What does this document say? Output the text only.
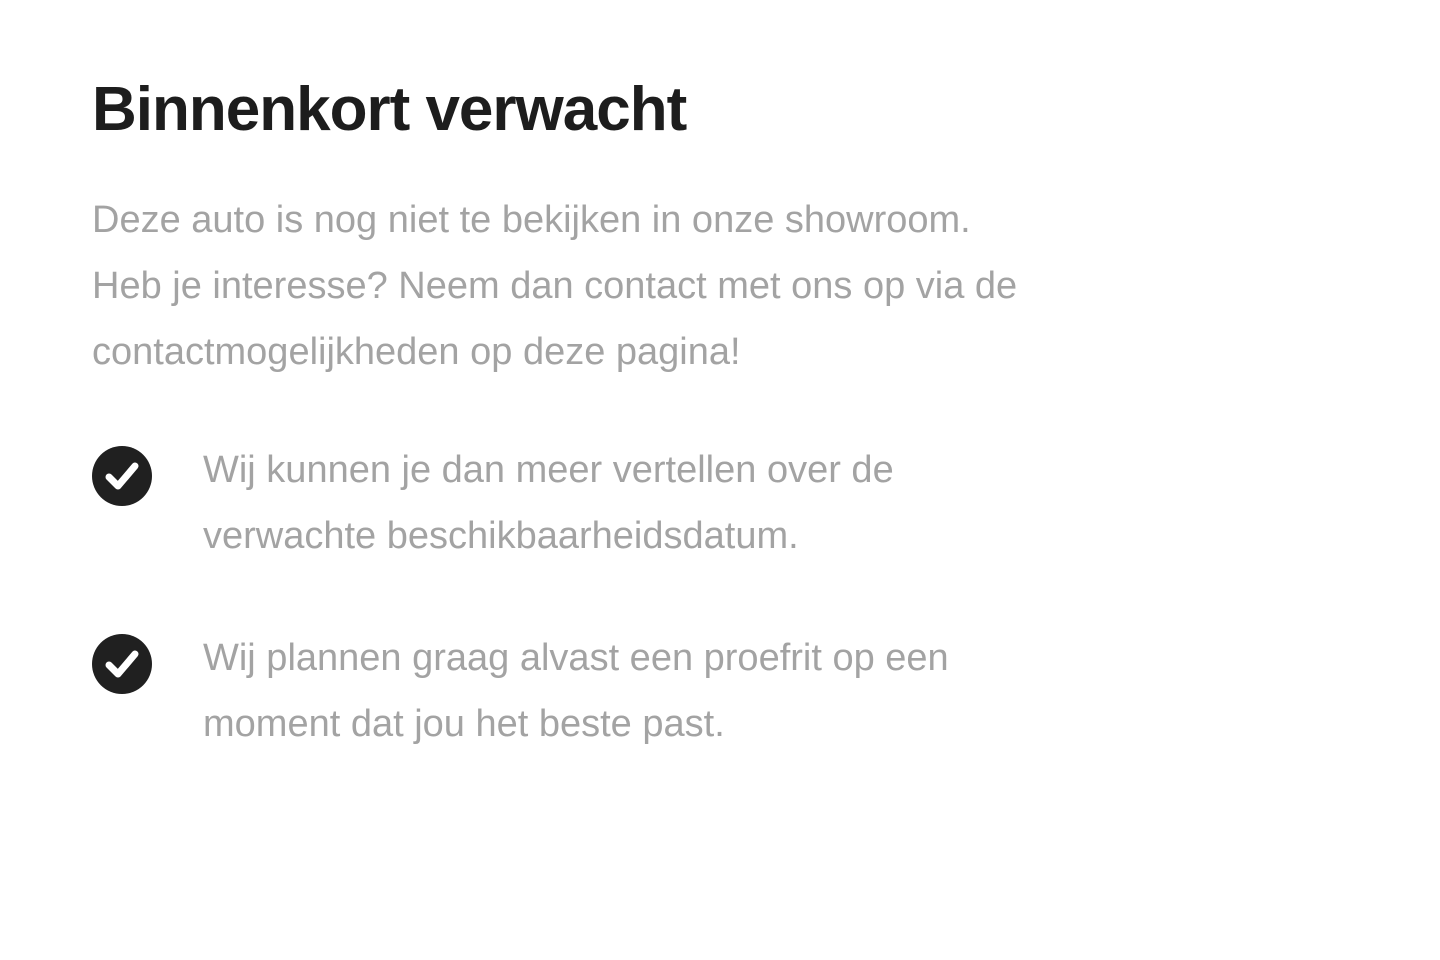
Binnenkort verwacht
Deze auto is nog niet te bekijken in onze showroom.
Heb je interesse? Neem dan contact met ons op via de
contactmogelijkheden op deze pagina!
Wij kunnen je dan meer vertellen over de
verwachte beschikbaarheidsdatum.
Wij plannen graag alvast een proefrit op een
moment dat jou het beste past.
